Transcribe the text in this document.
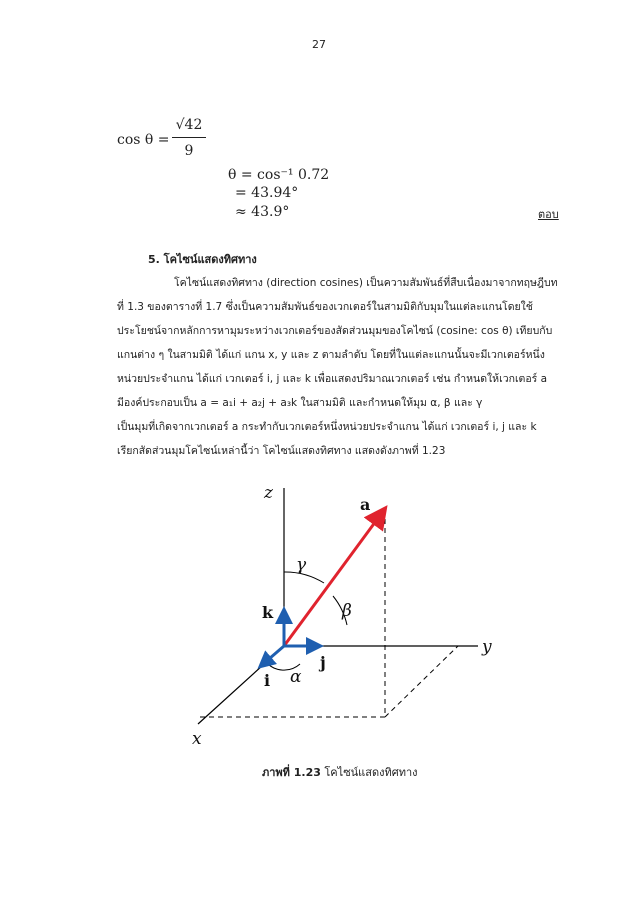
27
cos θ =
√42
9
θ = cos⁻¹ 0.72
= 43.94°
≈ 43.9°	ตอบ
5. โคไซน์แสดงทิศทาง
โคไซน์แสดงทิศทาง (direction cosines) เป็นความสัมพันธ์ที่สืบเนื่องมาจากทฤษฎีบท
ที่ 1.3 ของตารางที่ 1.7 ซึ่งเป็นความสัมพันธ์ของเวกเตอร์ในสามมิติกับมุมในแต่ละแกนโดยใช้
ประโยชน์จากหลักการหามุมระหว่างเวกเตอร์ของสัดส่วนมุมของโคไซน์ (cosine: cos θ) เทียบกับ
แกนต่าง ๆ ในสามมิติ ได้แก่ แกน x, y และ z ตามลำดับ โดยที่ในแต่ละแกนนั้นจะมีเวกเตอร์หนึ่ง
หน่วยประจำแกน ได้แก่ เวกเตอร์ i, j และ k เพื่อแสดงปริมาณเวกเตอร์ เช่น กำหนดให้เวกเตอร์ a
มีองค์ประกอบเป็น a = a₁i + a₂j + a₃k ในสามมิติ และกำหนดให้มุม α, β และ γ
เป็นมุมที่เกิดจากเวกเตอร์ a กระทำกับเวกเตอร์หนึ่งหน่วยประจำแกน ได้แก่ เวกเตอร์ i, j และ k
เรียกสัดส่วนมุมโคไซน์เหล่านี้ว่า โคไซน์แสดงทิศทาง แสดงดังภาพที่ 1.23
z
y
x
γ
β
α
a
k
j
i
ภาพที่ 1.23 โคไซน์แสดงทิศทาง
